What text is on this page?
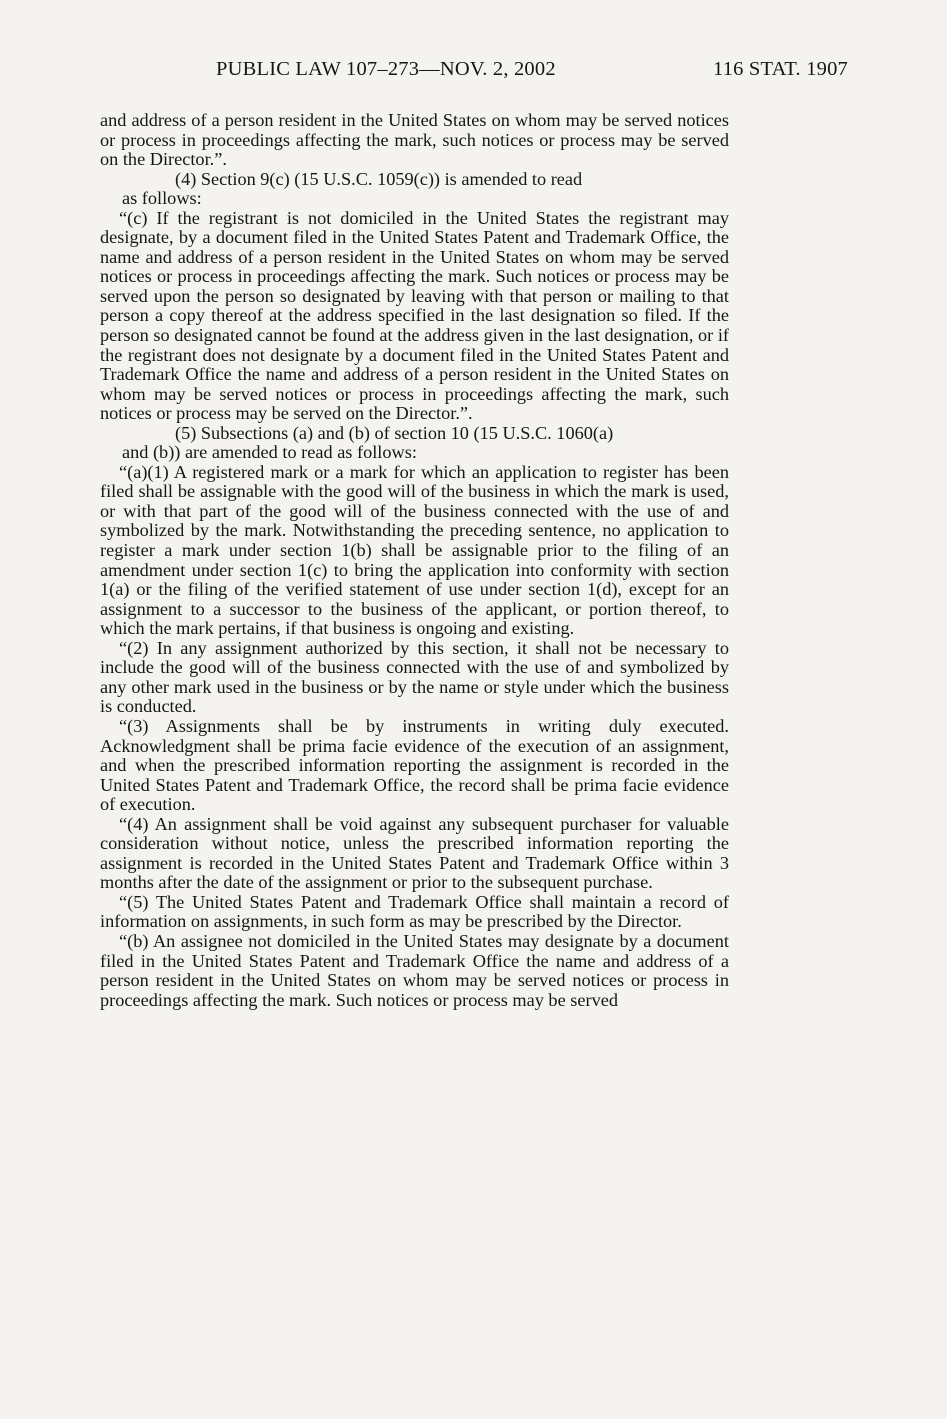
PUBLIC LAW 107–273—NOV. 2, 2002	116 STAT. 1907

and address of a person resident in the United States on whom may be served notices or process in proceedings affecting the mark, such notices or process may be served on the Director.”.

(4) Section 9(c) (15 U.S.C. 1059(c)) is amended to read

as follows:

“(c) If the registrant is not domiciled in the United States the registrant may designate, by a document filed in the United States Patent and Trademark Office, the name and address of a person resident in the United States on whom may be served notices or process in proceedings affecting the mark. Such notices or process may be served upon the person so designated by leaving with that person or mailing to that person a copy thereof at the address specified in the last designation so filed. If the person so designated cannot be found at the address given in the last designation, or if the registrant does not designate by a document filed in the United States Patent and Trademark Office the name and address of a person resident in the United States on whom may be served notices or process in proceedings affecting the mark, such notices or process may be served on the Director.”.

(5) Subsections (a) and (b) of section 10 (15 U.S.C. 1060(a)

and (b)) are amended to read as follows:

“(a)(1) A registered mark or a mark for which an application to register has been filed shall be assignable with the good will of the business in which the mark is used, or with that part of the good will of the business connected with the use of and symbolized by the mark. Notwithstanding the preceding sentence, no application to register a mark under section 1(b) shall be assignable prior to the filing of an amendment under section 1(c) to bring the application into conformity with section 1(a) or the filing of the verified statement of use under section 1(d), except for an assignment to a successor to the business of the applicant, or portion thereof, to which the mark pertains, if that business is ongoing and existing.

“(2) In any assignment authorized by this section, it shall not be necessary to include the good will of the business connected with the use of and symbolized by any other mark used in the business or by the name or style under which the business is conducted.

“(3) Assignments shall be by instruments in writing duly executed. Acknowledgment shall be prima facie evidence of the execution of an assignment, and when the prescribed information reporting the assignment is recorded in the United States Patent and Trademark Office, the record shall be prima facie evidence of execution.

“(4) An assignment shall be void against any subsequent purchaser for valuable consideration without notice, unless the prescribed information reporting the assignment is recorded in the United States Patent and Trademark Office within 3 months after the date of the assignment or prior to the subsequent purchase.

“(5) The United States Patent and Trademark Office shall maintain a record of information on assignments, in such form as may be prescribed by the Director.

“(b) An assignee not domiciled in the United States may designate by a document filed in the United States Patent and Trademark Office the name and address of a person resident in the United States on whom may be served notices or process in proceedings affecting the mark. Such notices or process may be served
